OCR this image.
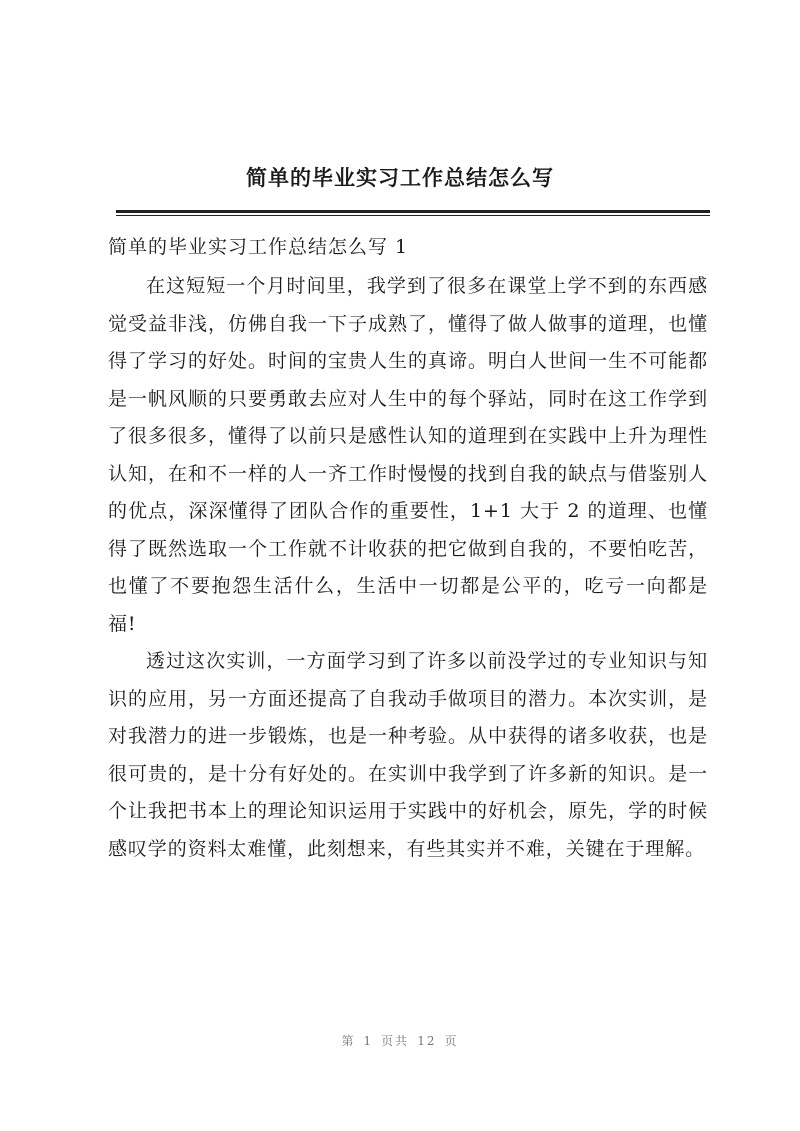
简单的毕业实习工作总结怎么写
简单的毕业实习工作总结怎么写 1

在这短短一个月时间里，我学到了很多在课堂上学不到的东西感觉受益非浅，仿佛自我一下子成熟了，懂得了做人做事的道理，也懂得了学习的好处。时间的宝贵人生的真谛。明白人世间一生不可能都是一帆风顺的只要勇敢去应对人生中的每个驿站，同时在这工作学到了很多很多，懂得了以前只是感性认知的道理到在实践中上升为理性认知，在和不一样的人一齐工作时慢慢的找到自我的缺点与借鉴别人的优点，深深懂得了团队合作的重要性，1+1 大于 2 的道理、也懂得了既然选取一个工作就不计收获的把它做到自我的，不要怕吃苦，也懂了不要抱怨生活什么，生活中一切都是公平的，吃亏一向都是福!

透过这次实训，一方面学习到了许多以前没学过的专业知识与知识的应用，另一方面还提高了自我动手做项目的潜力。本次实训，是对我潜力的进一步锻炼，也是一种考验。从中获得的诸多收获，也是很可贵的，是十分有好处的。在实训中我学到了许多新的知识。是一个让我把书本上的理论知识运用于实践中的好机会，原先，学的时候感叹学的资料太难懂，此刻想来，有些其实并不难，关键在于理解。

第 1 页共 12 页
